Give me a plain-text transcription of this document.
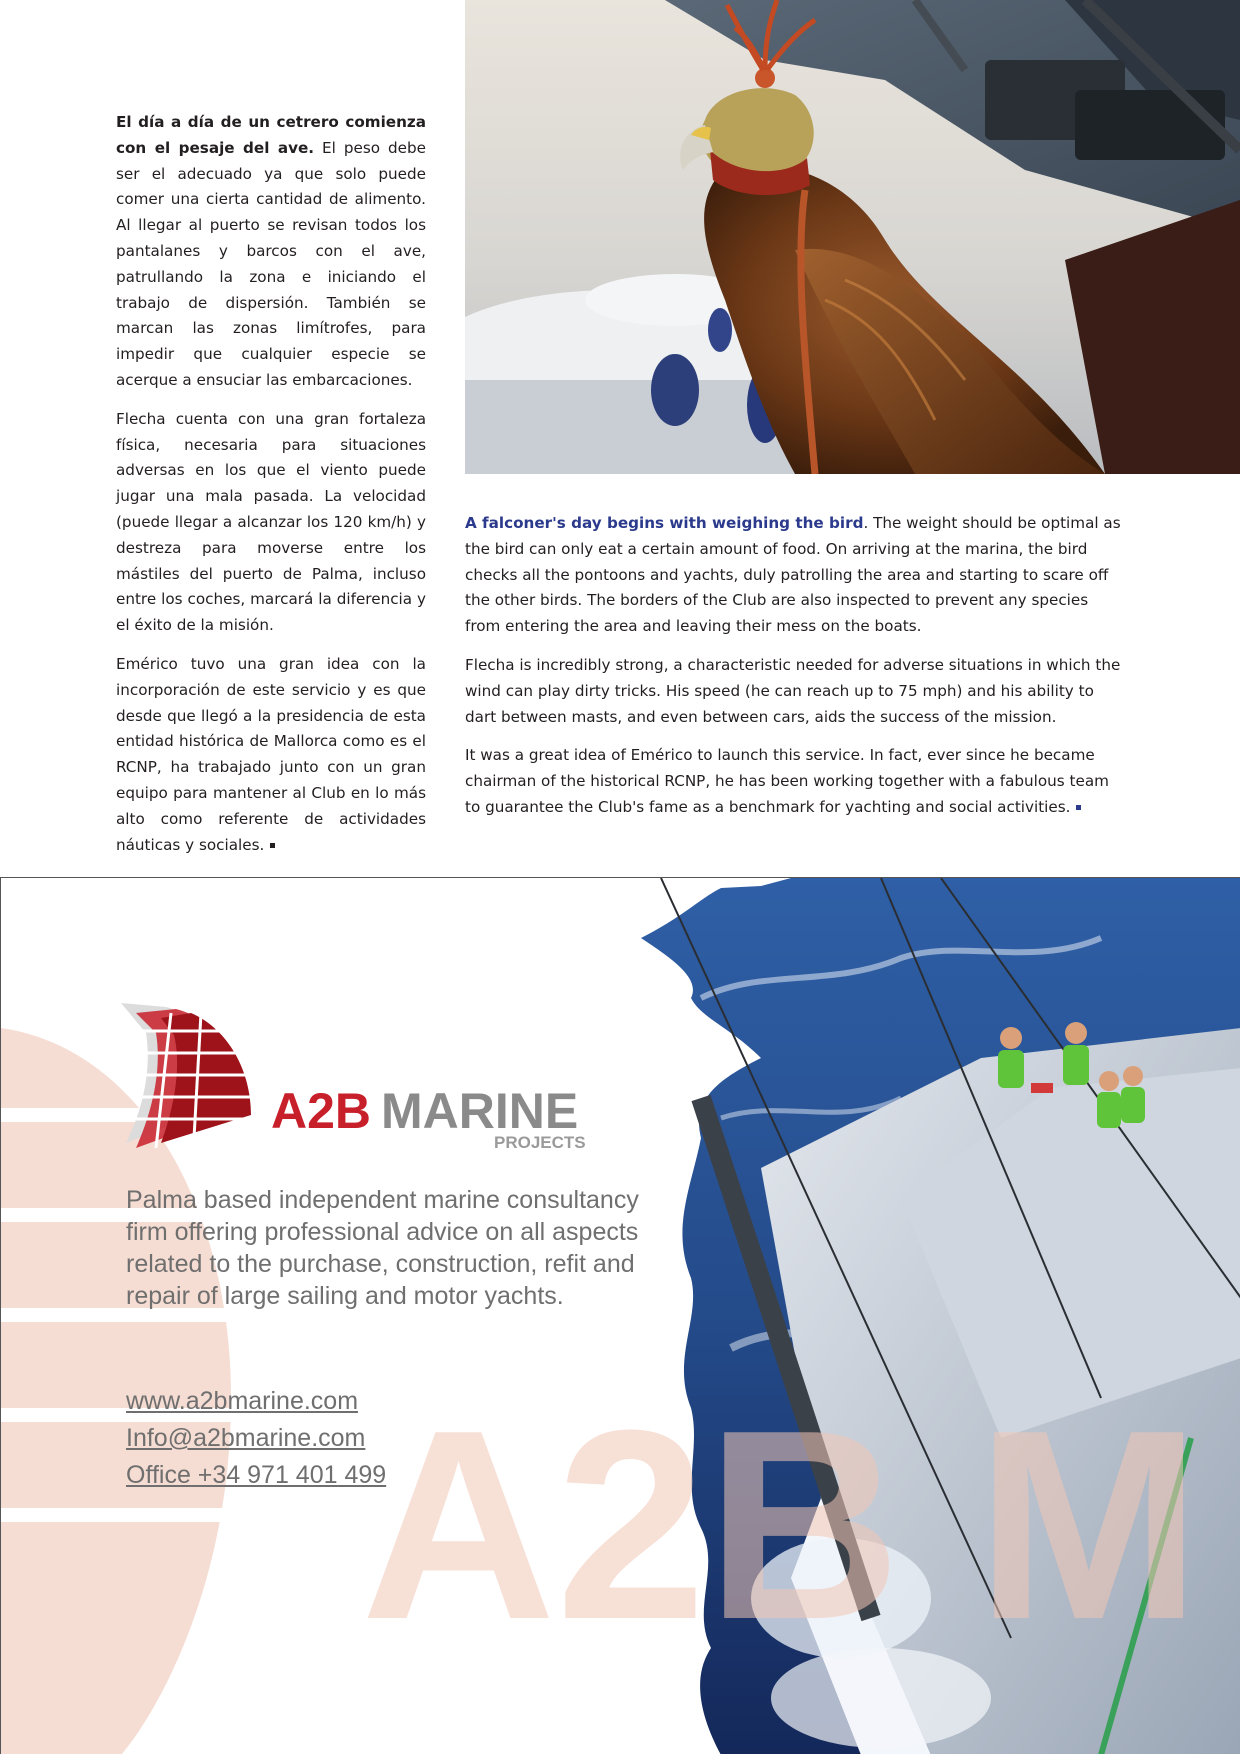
El día a día de un cetrero comienza con el pesaje del ave. El peso debe ser el adecuado ya que solo puede comer una cierta cantidad de alimento. Al llegar al puerto se revisan todos los pantalanes y barcos con el ave, patrullando la zona e iniciando el trabajo de dispersión. También se marcan las zonas limítrofes, para impedir que cualquier especie se acerque a ensuciar las embarcaciones.

Flecha cuenta con una gran fortaleza física, necesaria para situaciones adversas en los que el viento puede jugar una mala pasada. La velocidad (puede llegar a alcanzar los 120 km/h) y destreza para moverse entre los mástiles del puerto de Palma, incluso entre los coches, marcará la diferencia y el éxito de la misión.

Emérico tuvo una gran idea con la incorporación de este servicio y es que desde que llegó a la presidencia de esta entidad histórica de Mallorca como es el RCNP, ha trabajado junto con un gran equipo para mantener al Club en lo más alto como referente de actividades náuticas y sociales.

A falconer's day begins with weighing the bird. The weight should be optimal as the bird can only eat a certain amount of food. On arriving at the marina, the bird checks all the pontoons and yachts, duly patrolling the area and starting to scare off the other birds. The borders of the Club are also inspected to prevent any species from entering the area and leaving their mess on the boats.

Flecha is incredibly strong, a characteristic needed for adverse situations in which the wind can play dirty tricks. His speed (he can reach up to 75 mph) and his ability to dart between masts, and even between cars, aids the success of the mission.

It was a great idea of Emérico to launch this service. In fact, ever since he became chairman of the historical RCNP, he has been working together with a fabulous team to guarantee the Club's fame as a benchmark for yachting and social activities.

A2B M
A2B MARINE
PROJECTS
Palma based independent marine consultancy firm offering professional advice on all aspects related to the purchase, construction, refit and repair of large sailing and motor yachts.
www.a2bmarine.com
Info@a2bmarine.com
Office +34 971 401 499
